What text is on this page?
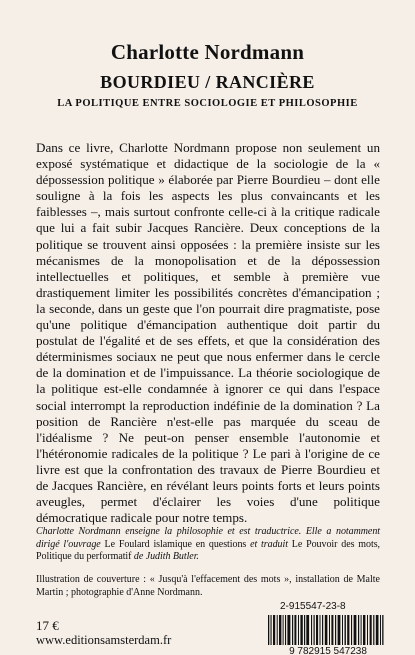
Charlotte Nordmann
BOURDIEU / RANCIÈRE
LA POLITIQUE ENTRE SOCIOLOGIE ET PHILOSOPHIE
Dans ce livre, Charlotte Nordmann propose non seulement un exposé systématique et didactique de la sociologie de la « dépossession politique » élaborée par Pierre Bourdieu – dont elle souligne à la fois les aspects les plus convaincants et les faiblesses –, mais surtout confronte celle-ci à la critique radicale que lui a fait subir Jacques Rancière. Deux conceptions de la politique se trouvent ainsi opposées : la première insiste sur les mécanismes de la monopolisation et de la dépossession intellectuelles et politiques, et semble à première vue drastiquement limiter les possibilités concrètes d'émancipation ; la seconde, dans un geste que l'on pourrait dire pragmatiste, pose qu'une politique d'émancipation authentique doit partir du postulat de l'égalité et de ses effets, et que la considération des déterminismes sociaux ne peut que nous enfermer dans le cercle de la domination et de l'impuissance. La théorie sociologique de la politique est-elle condamnée à ignorer ce qui dans l'espace social interrompt la reproduction indéfinie de la domination ? La position de Rancière n'est-elle pas marquée du sceau de l'idéalisme ? Ne peut-on penser ensemble l'autonomie et l'hétéronomie radicales de la politique ? Le pari à l'origine de ce livre est que la confrontation des travaux de Pierre Bourdieu et de Jacques Rancière, en révélant leurs points forts et leurs points aveugles, permet d'éclairer les voies d'une politique démocratique radicale pour notre temps.
Charlotte Nordmann enseigne la philosophie et est traductrice. Elle a notamment dirigé l'ouvrage Le Foulard islamique en questions et traduit Le Pouvoir des mots, Politique du performatif de Judith Butler.
Illustration de couverture : « Jusqu'à l'effacement des mots », installation de Malte Martin ; photographie d'Anne Nordmann.
17 €
www.editionsamsterdam.fr
2-915547-23-8
9 782915 547238
